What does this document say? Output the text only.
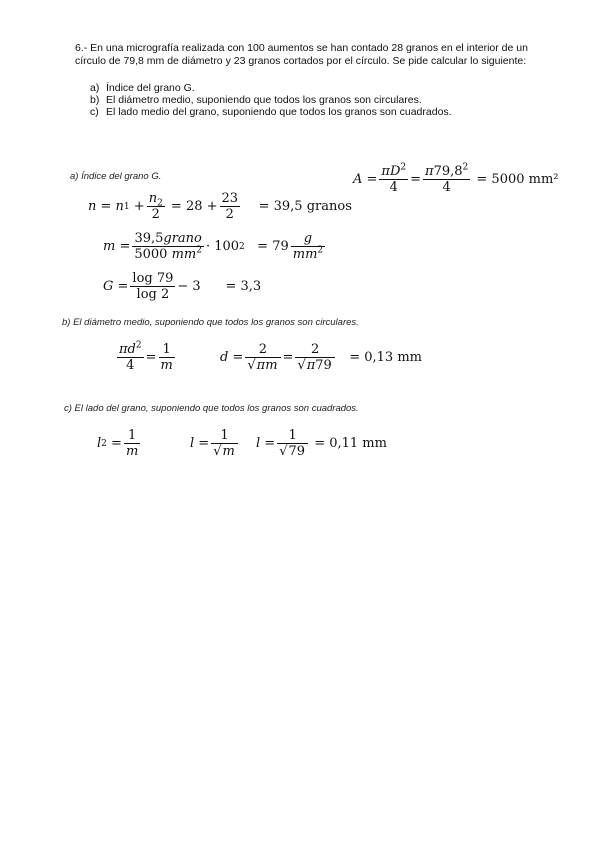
6.- En una micrografía realizada con 100 aumentos se han contado 28 granos en el interior de un círculo de 79,8 mm de diámetro y 23 granos cortados por el círculo. Se pide calcular lo siguiente:
a) Índice del grano G.
b) El diámetro medio, suponiendo que todos los granos son circulares.
c) El lado medio del grano, suponiendo que todos los granos son cuadrados.
a) Índice del grano G.	$A = \frac{\pi D^2}{4} = \frac{\pi 79,8^2}{4}$
= 5000 mm²
n = n $1 + \frac{n_2}{2} = 28 + \frac{23}{2}$
= 39,5 granos
$m = \frac{\text{39,5grano}}{5000 mm^2} \cdot 100$ $2 = 79 \frac{g}{mm^2}$
$G = \frac{\log 79}{\log 2} - 3 = 3,3$
b) El diámetro medio, suponiendo que todos los granos son circulares.
$\frac{\pi d^2}{4} = \frac{1}{m}$	$d = \frac{2}{√\pi m} = \frac{2}{√\pi 79}$
= 0,13 mm
c) El lado del grano, suponiendo que todos los granos son cuadrados.
l $2 = \frac{1}{m}$	$l = \frac{1}{√m}$ $l = \frac{1}{√79}$
= 0,11 mm
